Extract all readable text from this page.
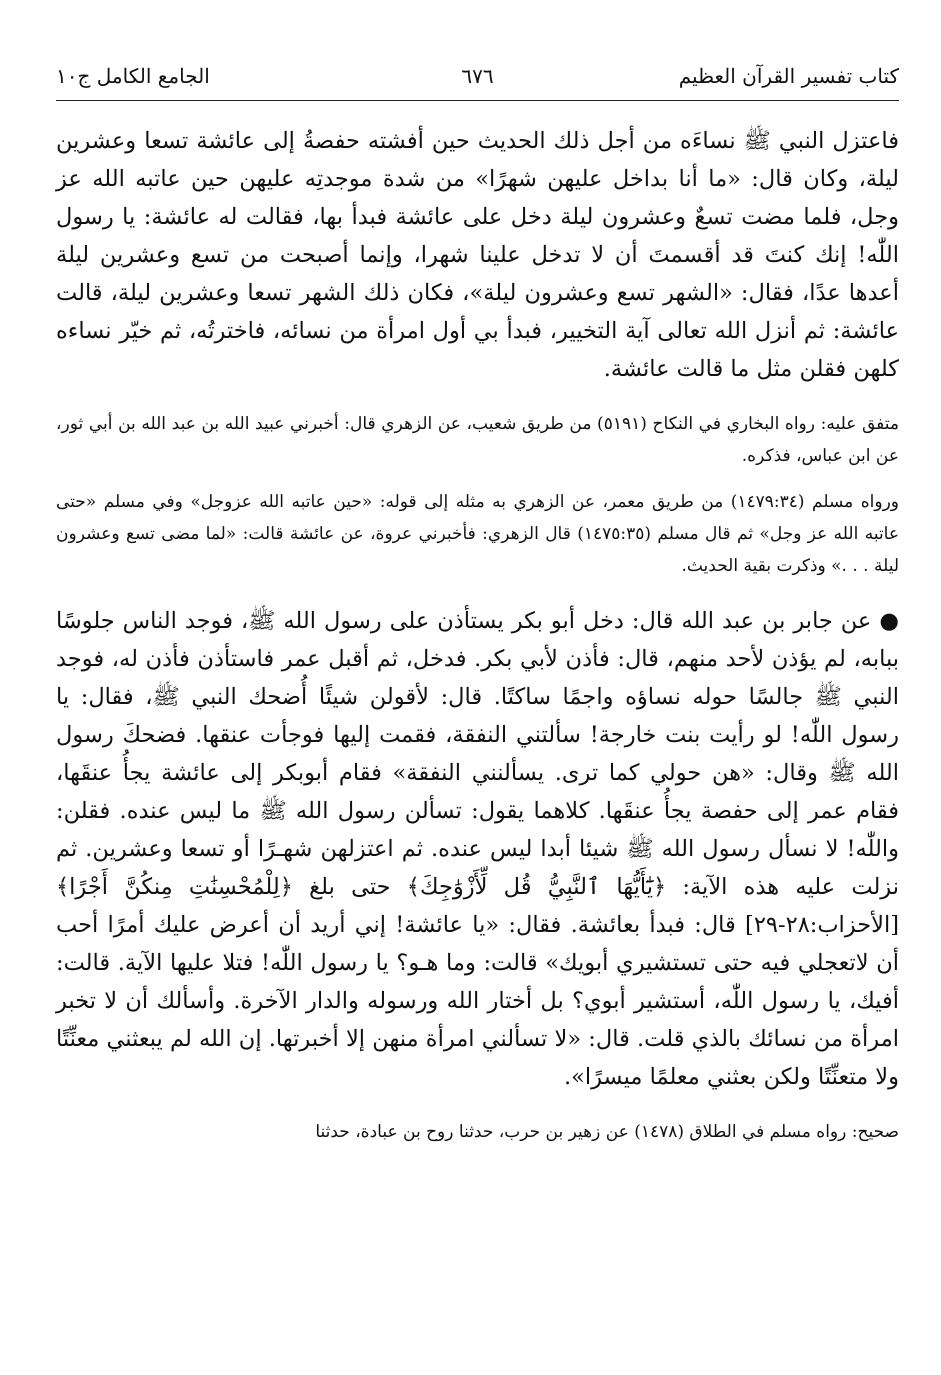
كتاب تفسير القرآن العظيم
٦٧٦
الجامع الكامل ج١٠

فاعتزل النبي ﷺ نساءَه من أجل ذلك الحديث حين أفشته حفصةُ إلى عائشة تسعا وعشرين ليلة، وكان قال: «ما أنا بداخل عليهن شهرًا» من شدة موجدتِه عليهن حين عاتبه الله عز وجل، فلما مضت تسعٌ وعشرون ليلة دخل على عائشة فبدأ بها، فقالت له عائشة: يا رسول اللّٰه! إنك كنتَ قد أقسمتَ أن لا تدخل علينا شهرا، وإنما أصبحت من تسع وعشرين ليلة أعدها عدًا، فقال: «الشهر تسع وعشرون ليلة»، فكان ذلك الشهر تسعا وعشرين ليلة، قالت عائشة: ثم أنزل الله تعالى آية التخيير، فبدأ بي أول امرأة من نسائه، فاخترتُه، ثم خيّر نساءه كلهن فقلن مثل ما قالت عائشة.

متفق عليه: رواه البخاري في النكاح (٥١٩١) من طريق شعيب، عن الزهري قال: أخبرني عبيد الله بن عبد الله بن أبي ثور، عن ابن عباس، فذكره.

ورواه مسلم (١٤٧٩:٣٤) من طريق معمر، عن الزهري به مثله إلى قوله: «حين عاتبه الله عزوجل» وفي مسلم «حتى عاتبه الله عز وجل» ثم قال مسلم (١٤٧٥:٣٥) قال الزهري: فأخبرني عروة، عن عائشة قالت: «لما مضى تسع وعشرون ليلة . . .» وذكرت بقية الحديث.

● عن جابر بن عبد الله قال: دخل أبو بكر يستأذن على رسول الله ﷺ، فوجد الناس جلوسًا ببابه، لم يؤذن لأحد منهم، قال: فأذن لأبي بكر. فدخل، ثم أقبل عمر فاستأذن فأذن له، فوجد النبي ﷺ جالسًا حوله نساؤه واجمًا ساكتًا. قال: لأقولن شيئًا أُضحك النبي ﷺ، فقال: يا رسول اللّٰه! لو رأيت بنت خارجة! سألتني النفقة، فقمت إليها فوجأت عنقها. فضحكَ رسول الله ﷺ وقال: «هن حولي كما ترى. يسألنني النفقة» فقام أبوبكر إلى عائشة يجأُ عنقَها، فقام عمر إلى حفصة يجأُ عنقَها. كلاهما يقول: تسألن رسول الله ﷺ ما ليس عنده. فقلن: واللّٰه! لا نسأل رسول الله ﷺ شيئا أبدا ليس عنده. ثم اعتزلهن شهـرًا أو تسعا وعشرين. ثم نزلت عليه هذه الآية: ﴿يَٰٓأَيُّهَا ٱلنَّبِيُّ قُل لِّأَزْوَٰجِكَ﴾ حتى بلغ ﴿لِلْمُحْسِنَٰتِ مِنكُنَّ أَجْرًا﴾ [الأحزاب:٢٨-٢٩] قال: فبدأ بعائشة. فقال: «يا عائشة! إني أريد أن أعرض عليك أمرًا أحب أن لاتعجلي فيه حتى تستشيري أبويك» قالت: وما هـو؟ يا رسول اللّٰه! فتلا عليها الآية. قالت: أفيك، يا رسول اللّٰه، أستشير أبوي؟ بل أختار الله ورسوله والدار الآخرة. وأسألك أن لا تخبر امرأة من نسائك بالذي قلت. قال: «لا تسألني امرأة منهن إلا أخبرتها. إن الله لم يبعثني معنِّتًا ولا متعنِّتًا ولكن بعثني معلمًا ميسرًا».

صحيح: رواه مسلم في الطلاق (١٤٧٨) عن زهير بن حرب، حدثنا روح بن عبادة، حدثنا
